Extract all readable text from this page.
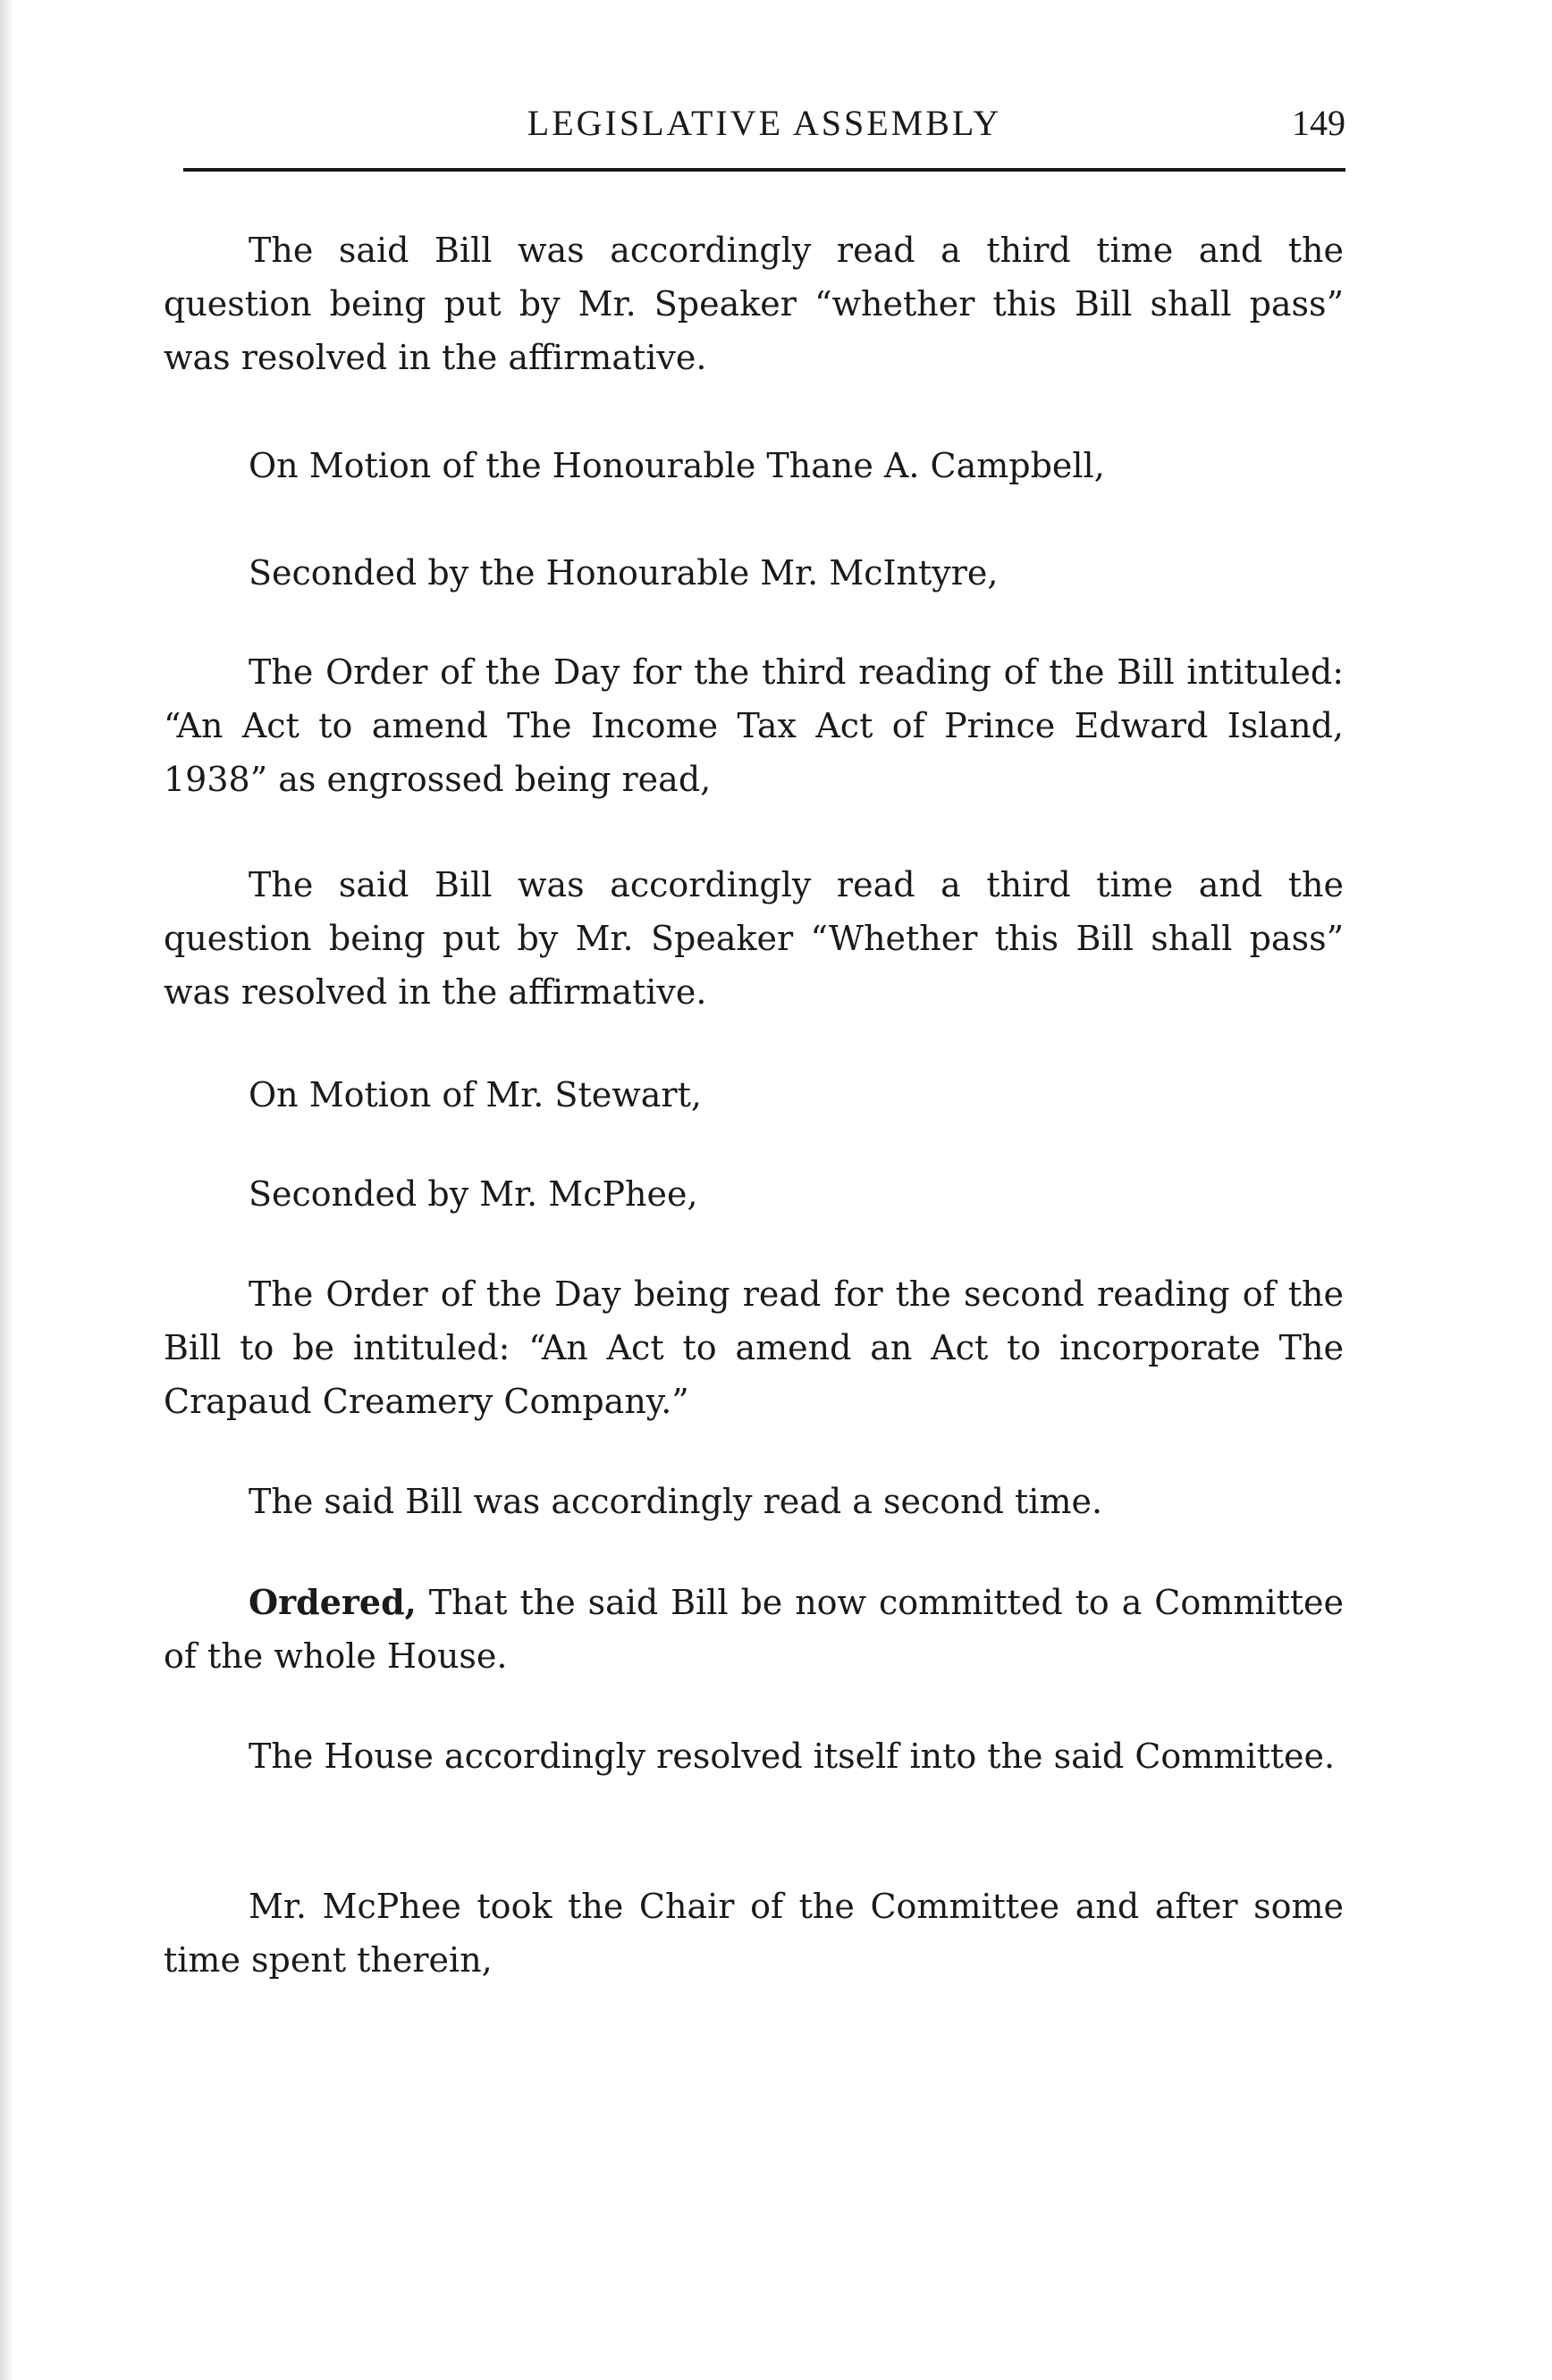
LEGISLATIVE ASSEMBLY	149

The said Bill was accordingly read a third time and the question being put by Mr. Speaker “whether this Bill shall pass” was resolved in the affirmative.

On Motion of the Honourable Thane A. Campbell,

Seconded by the Honourable Mr. McIntyre,

The Order of the Day for the third reading of the Bill intituled: “An Act to amend The Income Tax Act of Prince Edward Island, 1938” as engrossed being read,

The said Bill was accordingly read a third time and the question being put by Mr. Speaker “Whether this Bill shall pass” was resolved in the affirmative.

On Motion of Mr. Stewart,

Seconded by Mr. McPhee,

The Order of the Day being read for the second reading of the Bill to be intituled: “An Act to amend an Act to incorporate The Crapaud Creamery Company.”

The said Bill was accordingly read a second time.

Ordered, That the said Bill be now committed to a Committee of the whole House.

The House accordingly resolved itself into the said Committee.

Mr. McPhee took the Chair of the Committee and after some time spent therein,
